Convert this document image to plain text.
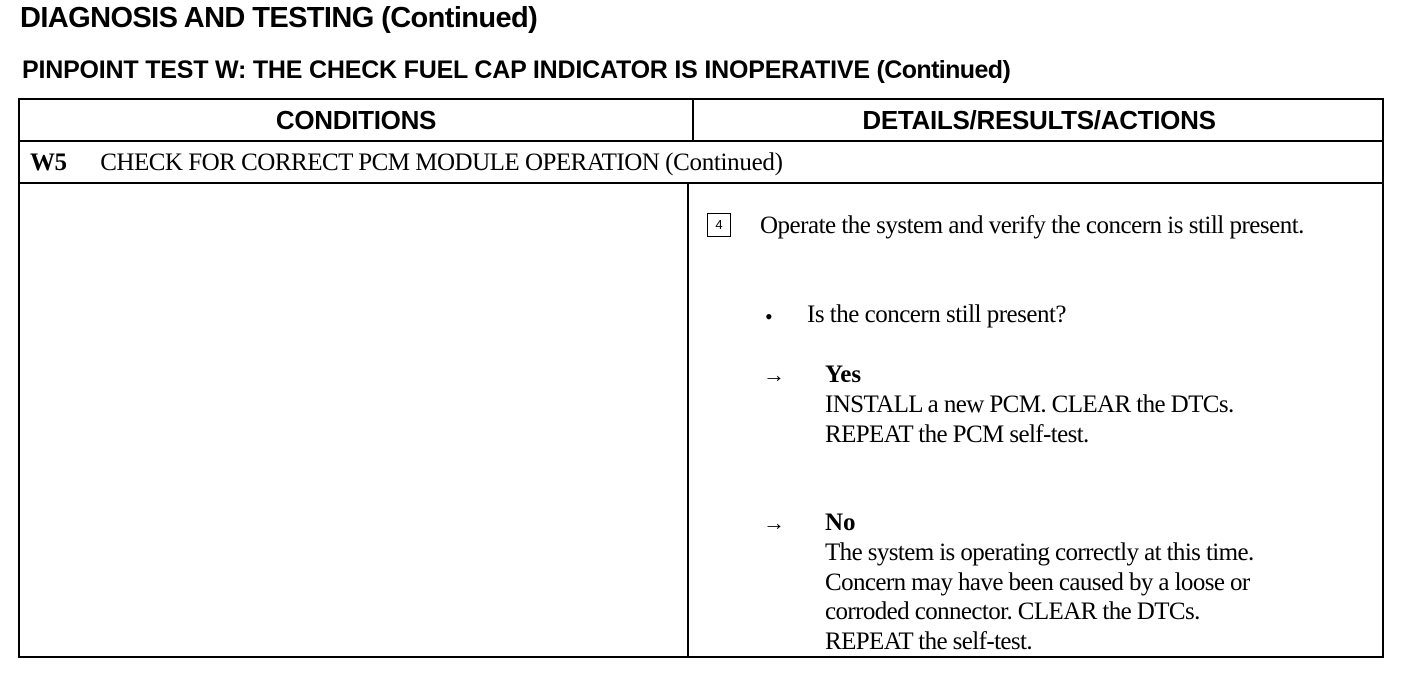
DIAGNOSIS AND TESTING (Continued)
PINPOINT TEST W: THE CHECK FUEL CAP INDICATOR IS INOPERATIVE (Continued)
CONDITIONS	DETAILS/RESULTS/ACTIONS
W5 CHECK FOR CORRECT PCM MODULE OPERATION (Continued)
4	Operate the system and verify the concern is still present.
• Is the concern still present?
→ Yes
INSTALL a new PCM. CLEAR the DTCs.
REPEAT the PCM self-test.
→ No
The system is operating correctly at this time.
Concern may have been caused by a loose or
corroded connector. CLEAR the DTCs.
REPEAT the self-test.
